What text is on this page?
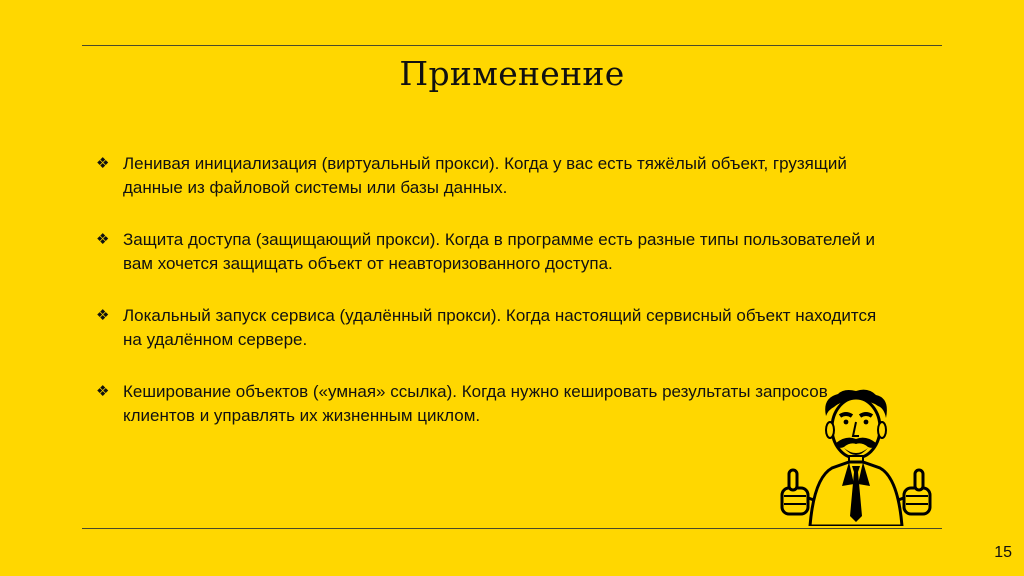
Применение
❖ Ленивая инициализация (виртуальный прокси). Когда у вас есть тяжёлый объект, грузящий данные из файловой системы или базы данных.
❖ Защита доступа (защищающий прокси). Когда в программе есть разные типы пользователей и вам хочется защищать объект от неавторизованного доступа.
❖ Локальный запуск сервиса (удалённый прокси). Когда настоящий сервисный объект находится на удалённом сервере.
❖ Кеширование объектов («умная» ссылка). Когда нужно кешировать результаты запросов клиентов и управлять их жизненным циклом.
15
